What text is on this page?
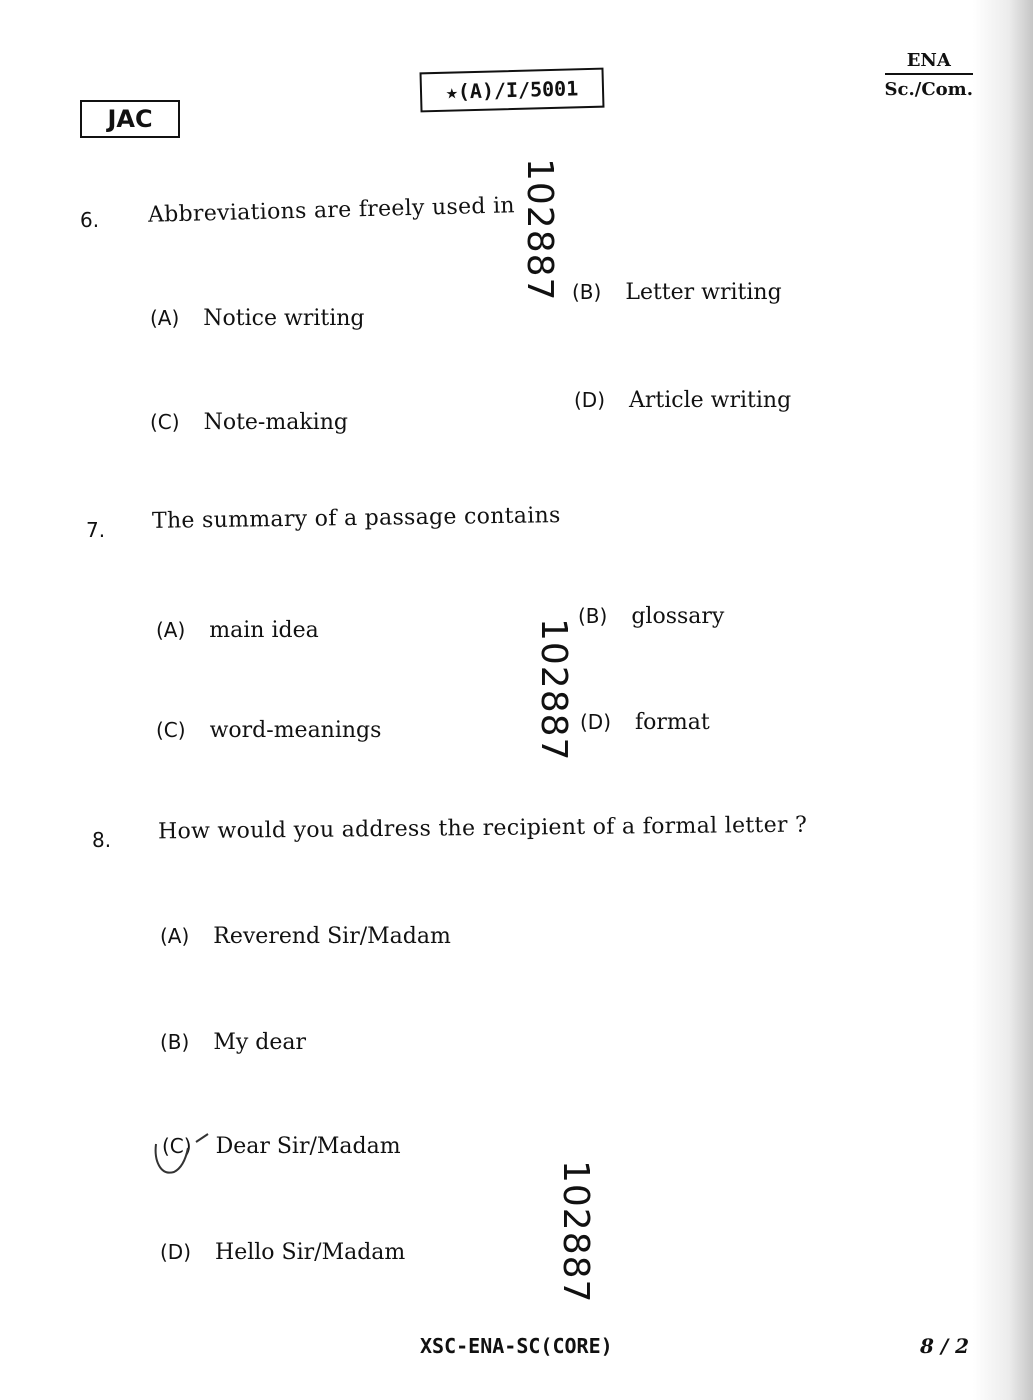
JAC
★(A)/I/5001
ENA
Sc./Com.
6. Abbreviations are freely used in
(A) Notice writing
(B) Letter writing
(C) Note-making
(D) Article writing
7. The summary of a passage contains
(A) main idea
(B) glossary
(C) word-meanings	(D) format
8. How would you address the recipient of a formal letter ?
(A) Reverend Sir/Madam
(B) My dear
(C) Dear Sir/Madam
(D) Hello Sir/Madam
102887
102887
102887
XSC-ENA-SC(CORE)	8 / 2
